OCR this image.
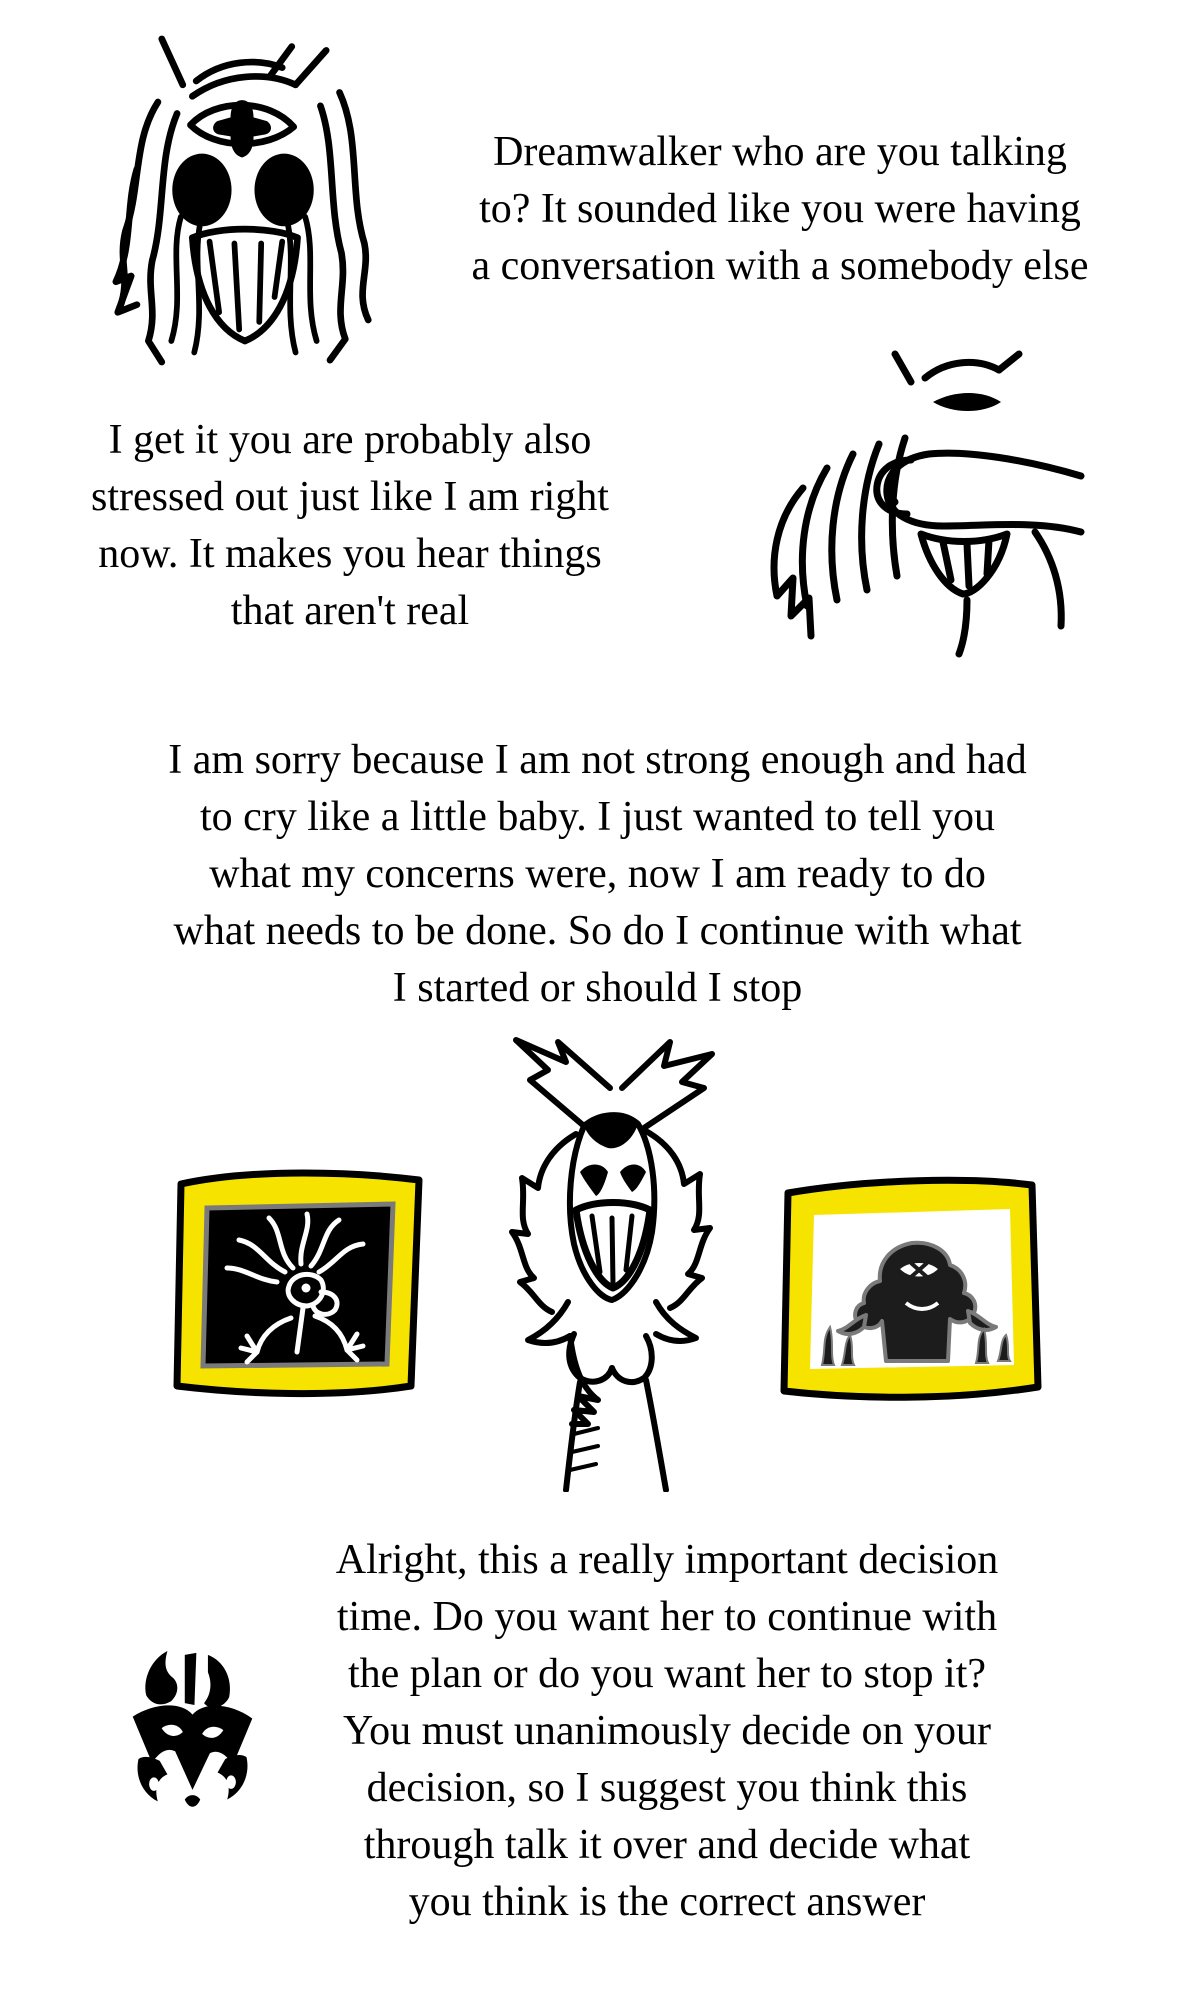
Dreamwalker who are you talking
to? It sounded like you were having
a conversation with a somebody else
I get it you are probably also
stressed out just like I am right
now. It makes you hear things
that aren't real
I am sorry because I am not strong enough and had
to cry like a little baby. I just wanted to tell you
what my concerns were, now I am ready to do
what needs to be done. So do I continue with what
I started or should I stop
Alright, this a really important decision
time. Do you want her to continue with
the plan or do you want her to stop it?
You must unanimously decide on your
decision, so I suggest you think this
through talk it over and decide what
you think is the correct answer
